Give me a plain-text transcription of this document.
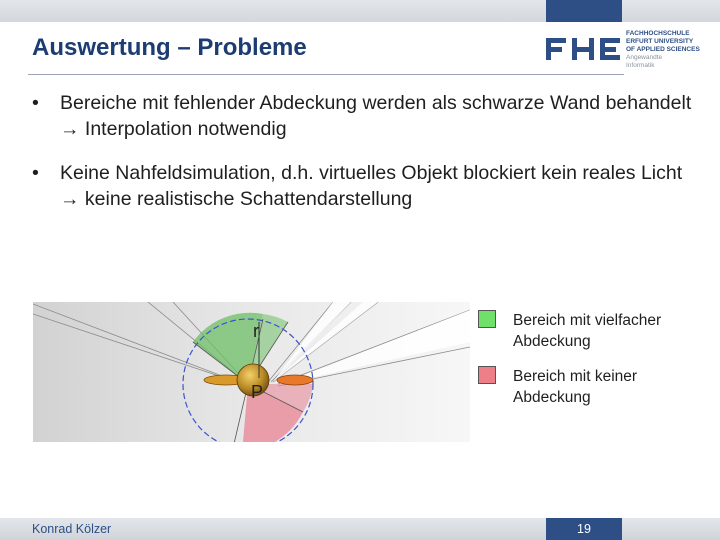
Auswertung – Probleme
FACHHOCHSCHULE
ERFURT UNIVERSITY
OF APPLIED SCIENCES
Angewandte
Informatik
• Bereiche mit fehlender Abdeckung werden als schwarze Wand behandelt → Interpolation notwendig
• Keine Nahfeldsimulation, d.h. virtuelles Objekt blockiert kein reales Licht → keine realistische Schattendarstellung
r
P
Bereich mit vielfacher Abdeckung
Bereich mit keiner Abdeckung
Konrad Kölzer	19
